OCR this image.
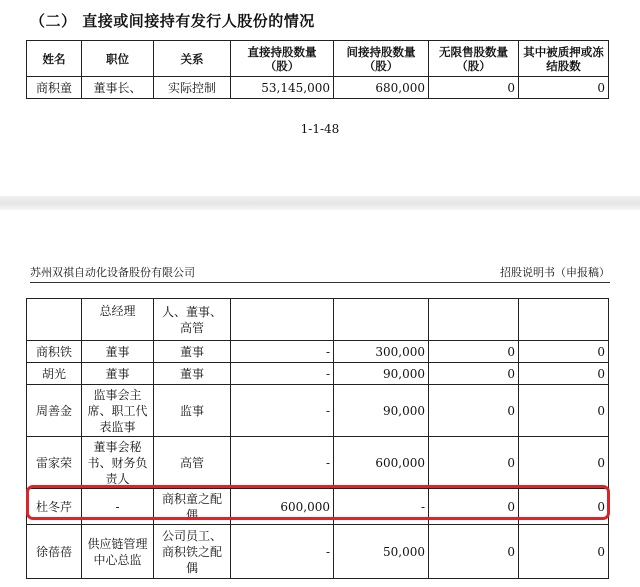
（二） 直接或间接持有发行人股份的情况
姓名	职位	关系	直接持股数量（股）	间接持股数量（股）	无限售股数量（股）	其中被质押或冻结股数
商积童	董事长、	实际控制	53,145,000	680,000	0	0
1-1-48
苏州双祺自动化设备股份有限公司	招股说明书（申报稿）
	总经理	人、董事、高管				
商积铁	董事	董事	-	300,000	0	0
胡光	董事	董事	-	90,000	0	0
周善金	监事会主席、职工代表监事	监事	-	90,000	0	0
雷家荣	董事会秘书、财务负责人	高管	-	600,000	0	0
杜冬芹	-	商积童之配偶	600,000	-	0	0
徐蓓蓓	供应链管理中心总监	公司员工、商积铁之配偶	-	50,000	0	0
